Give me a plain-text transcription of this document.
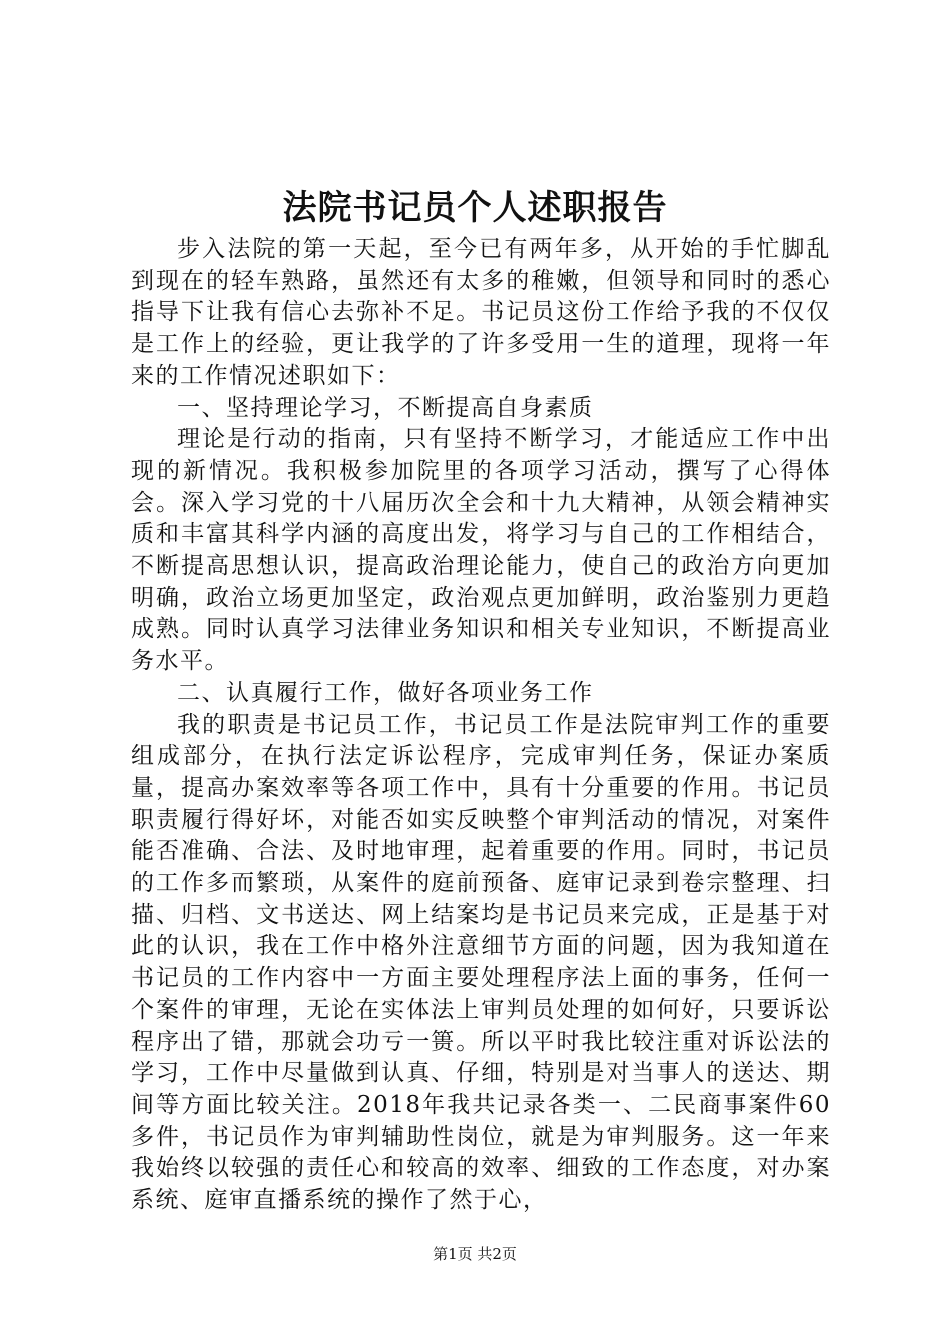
法院书记员个人述职报告

步入法院的第一天起，至今已有两年多，从开始的手忙脚乱到现在的轻车熟路，虽然还有太多的稚嫩，但领导和同时的悉心指导下让我有信心去弥补不足。书记员这份工作给予我的不仅仅是工作上的经验，更让我学的了许多受用一生的道理，现将一年来的工作情况述职如下：

一、坚持理论学习，不断提高自身素质

理论是行动的指南，只有坚持不断学习，才能适应工作中出现的新情况。我积极参加院里的各项学习活动，撰写了心得体会。深入学习党的十八届历次全会和十九大精神，从领会精神实质和丰富其科学内涵的高度出发，将学习与自己的工作相结合，不断提高思想认识，提高政治理论能力，使自己的政治方向更加明确，政治立场更加坚定，政治观点更加鲜明，政治鉴别力更趋成熟。同时认真学习法律业务知识和相关专业知识，不断提高业务水平。

二、认真履行工作，做好各项业务工作

我的职责是书记员工作，书记员工作是法院审判工作的重要组成部分，在执行法定诉讼程序，完成审判任务，保证办案质量，提高办案效率等各项工作中，具有十分重要的作用。书记员职责履行得好坏，对能否如实反映整个审判活动的情况，对案件能否准确、合法、及时地审理，起着重要的作用。同时，书记员的工作多而繁琐，从案件的庭前预备、庭审记录到卷宗整理、扫描、归档、文书送达、网上结案均是书记员来完成，正是基于对此的认识，我在工作中格外注意细节方面的问题，因为我知道在书记员的工作内容中一方面主要处理程序法上面的事务，任何一个案件的审理，无论在实体法上审判员处理的如何好，只要诉讼程序出了错，那就会功亏一篑。所以平时我比较注重对诉讼法的学习，工作中尽量做到认真、仔细，特别是对当事人的送达、期间等方面比较关注。2018年我共记录各类一、二民商事案件60多件，书记员作为审判辅助性岗位，就是为审判服务。这一年来我始终以较强的责任心和较高的效率、细致的工作态度，对办案系统、庭审直播系统的操作了然于心，

第1页 共2页
